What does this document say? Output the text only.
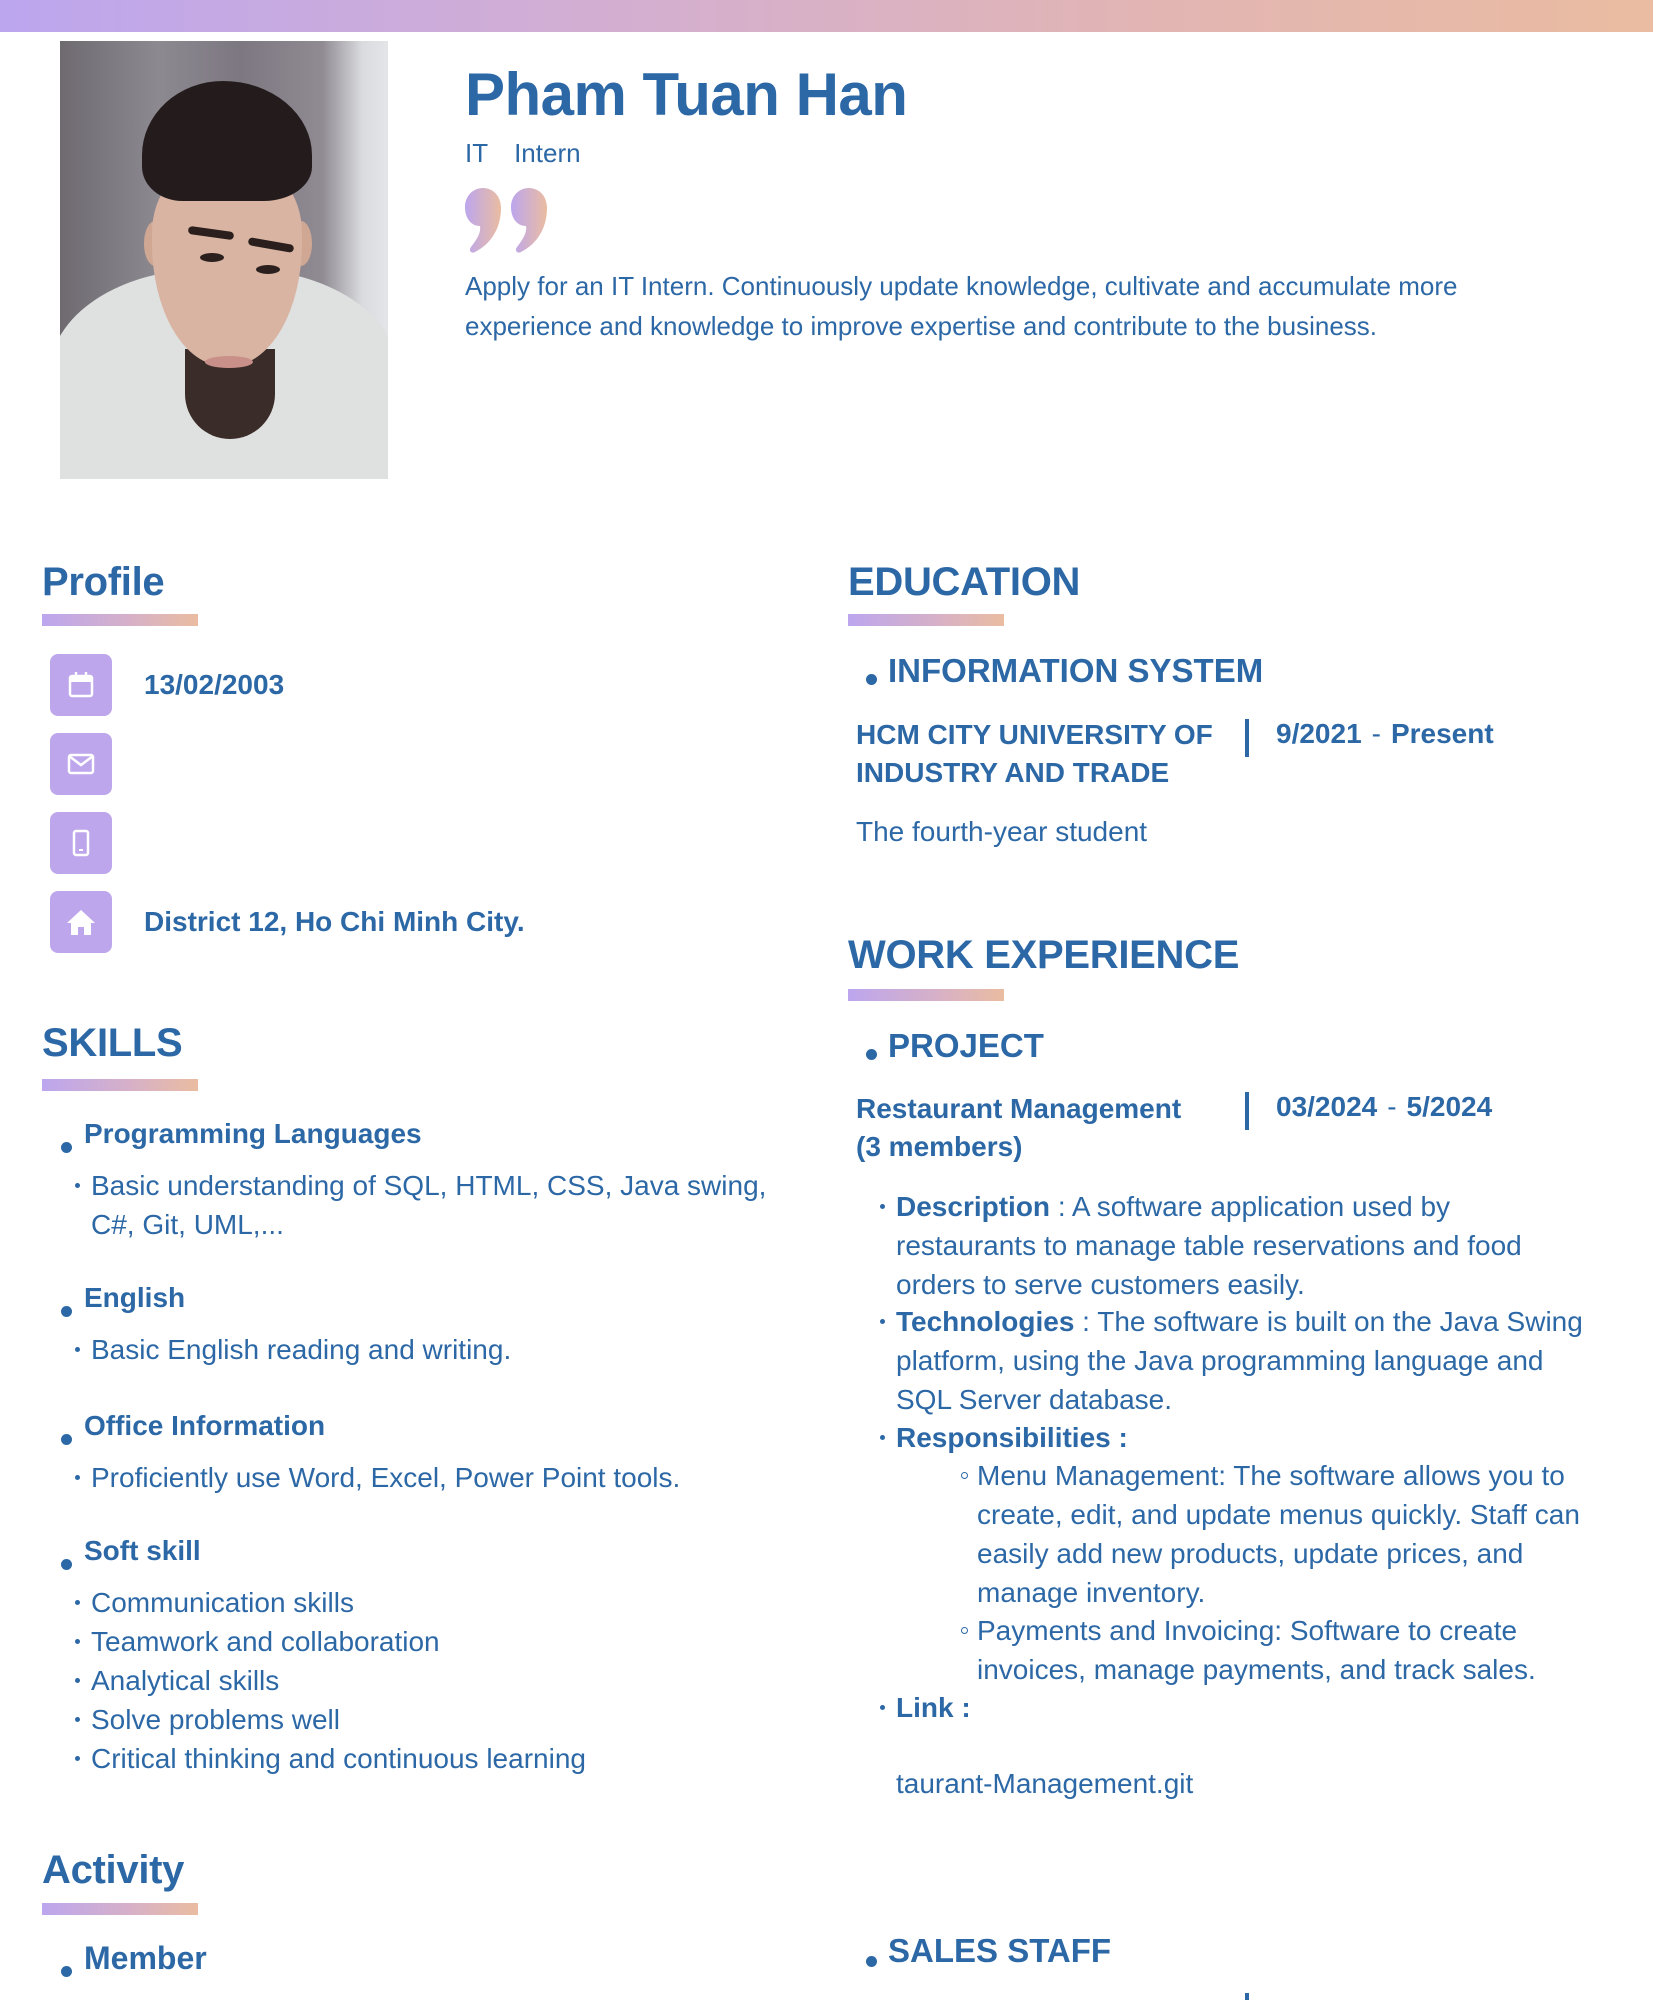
Pham Tuan Han
IT  Intern
Apply for an IT Intern. Continuously update knowledge, cultivate and accumulate more experience and knowledge to improve expertise and contribute to the business.
Profile
13/02/2003
District 12, Ho Chi Minh City.
SKILLS
Programming Languages
Basic understanding of SQL, HTML, CSS, Java swing,
C#, Git, UML,...
English
Basic English reading and writing.
Office Information
Proficiently use Word, Excel, Power Point tools.
Soft skill
Communication skills
Teamwork and collaboration
Analytical skills
Solve problems well
Critical thinking and continuous learning
Activity
Member
EDUCATION
INFORMATION SYSTEM
HCM CITY UNIVERSITY OF
INDUSTRY AND TRADE
9/2021 - Present
The fourth-year student
WORK EXPERIENCE
PROJECT
Restaurant Management
(3 members)
03/2024 - 5/2024
Description : A software application used by
restaurants to manage table reservations and food
orders to serve customers easily.
Technologies : The software is built on the Java Swing
platform, using the Java programming language and
SQL Server database.
Responsibilities :
Menu Management: The software allows you to
create, edit, and update menus quickly. Staff can
easily add new products, update prices, and
manage inventory.
Payments and Invoicing: Software to create
invoices, manage payments, and track sales.
Link :
taurant-Management.git
SALES STAFF
